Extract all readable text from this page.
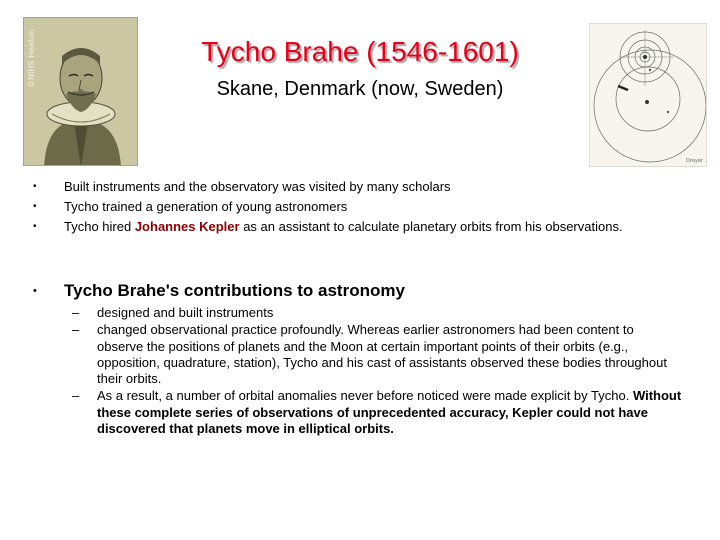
©NIHS Heaton	Tycho Brahe (1546-1601)
Skane, Denmark (now, Sweden)
Dreyer
• Built instruments and the observatory was visited by many scholars
• Tycho trained a generation of young astronomers
• Tycho hired Johannes Kepler as an assistant to calculate planetary orbits from his observations.
• Tycho Brahe's contributions to astronomy
– designed and built instruments
– changed observational practice profoundly. Whereas earlier astronomers had been content to observe the positions of planets and the Moon at certain important points of their orbits (e.g., opposition, quadrature, station), Tycho and his cast of assistants observed these bodies throughout their orbits.
– As a result, a number of orbital anomalies never before noticed were made explicit by Tycho. Without these complete series of observations of unprecedented accuracy, Kepler could not have discovered that planets move in elliptical orbits.
